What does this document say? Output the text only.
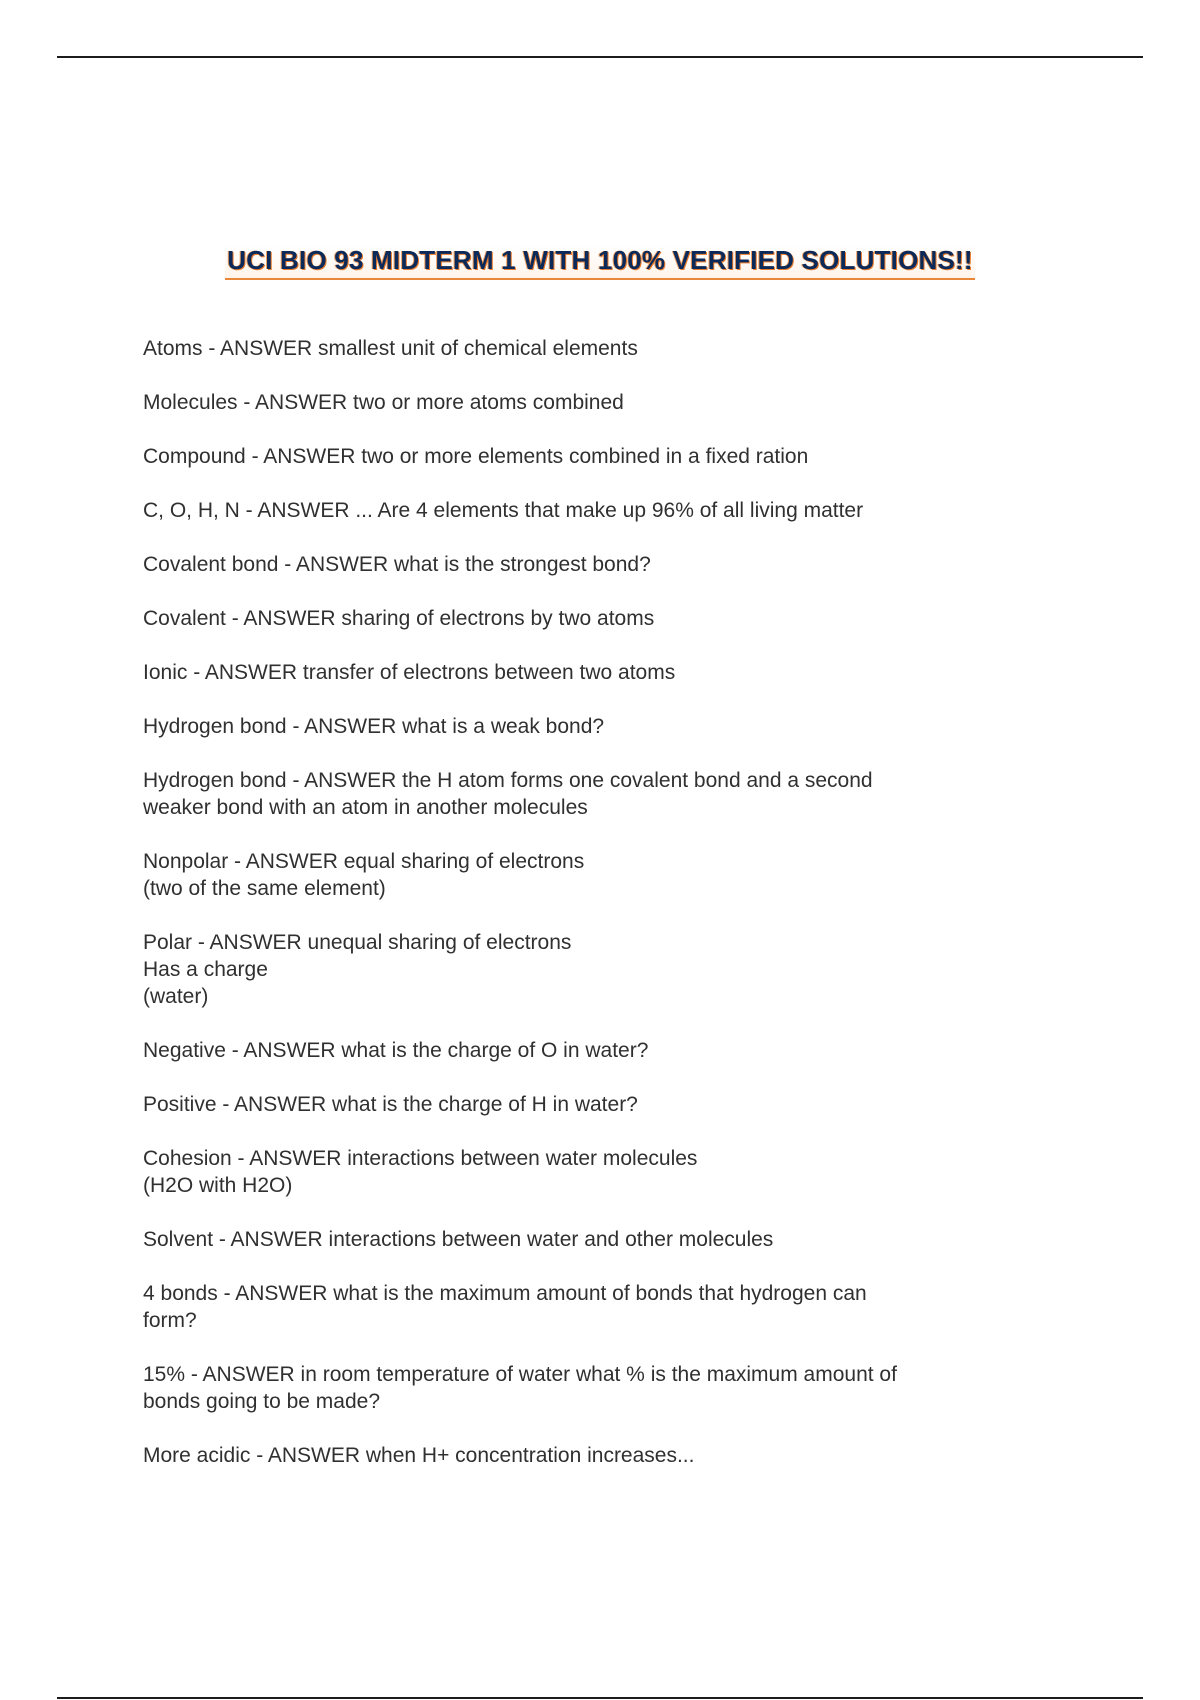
UCI BIO 93 MIDTERM 1 WITH 100% VERIFIED SOLUTIONS!!
Atoms - ANSWER smallest unit of chemical elements
Molecules - ANSWER two or more atoms combined
Compound - ANSWER two or more elements combined in a fixed ration
C, O, H, N - ANSWER ... Are 4 elements that make up 96% of all living matter
Covalent bond - ANSWER what is the strongest bond?
Covalent - ANSWER sharing of electrons by two atoms
Ionic - ANSWER transfer of electrons between two atoms
Hydrogen bond - ANSWER what is a weak bond?
Hydrogen bond - ANSWER the H atom forms one covalent bond and a second
weaker bond with an atom in another molecules
Nonpolar - ANSWER equal sharing of electrons
(two of the same element)
Polar - ANSWER unequal sharing of electrons
Has a charge
(water)
Negative - ANSWER what is the charge of O in water?
Positive - ANSWER what is the charge of H in water?
Cohesion - ANSWER interactions between water molecules
(H2O with H2O)
Solvent - ANSWER interactions between water and other molecules
4 bonds - ANSWER what is the maximum amount of bonds that hydrogen can
form?
15% - ANSWER in room temperature of water what % is the maximum amount of
bonds going to be made?
More acidic - ANSWER when H+ concentration increases...
